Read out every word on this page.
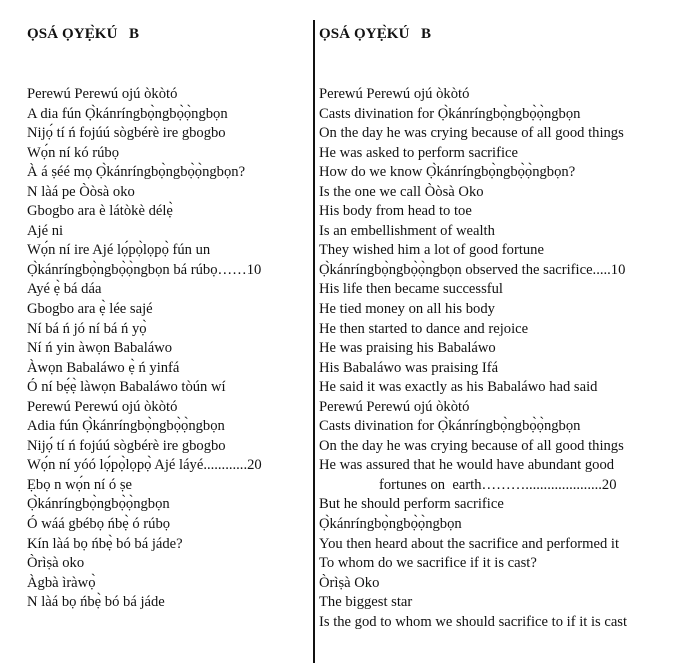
ỌSÁ ỌYẸ̀KÚ   B
Perewú Perewú ojú òkòtó
A dia fún Ọ̀kánríngbọ̀ngbọ̀ọ̀ngbọn
Nijọ́ tí ń fojúú sògbérè ire gbogbo
Wọ́n ní kó rúbọ
À á ṣéé mọ Ọ̀kánríngbọ̀ngbọ̀ọ̀ngbọn?
N làá pe Òòsà oko
Gbogbo ara è látòkè délẹ̀
Ajé ni
Wọ́n ní ire Ajé lọ́pọ̀lọpọ̀ fún un
Ọ̀kánríngbọ̀ngbọ̀ọ̀ngbọn bá rúbọ……10
Ayé ẹ̀ bá dáa
Gbogbo ara ẹ̀ lée sajé
Ní bá ń jó ní bá ń yọ̀
Ní ń yin àwọn Babaláwo
Àwọn Babaláwo ẹ̀ ń yinfá
Ó ní bẹ́ẹ̀ làwọn Babaláwo tòún wí
Perewú Perewú ojú òkòtó
Adia fún Ọ̀kánríngbọ̀ngbọ̀ọ̀ngbọn
Nijọ́ tí ń fojúú sògbérè ire gbogbo
Wọ́n ní yóó lọ́pọ̀lọpọ̀ Ajé láyé............20
Ẹbọ n wọ́n ní ó ṣe
Ọ̀kánríngbọ̀ngbọ̀ọ̀ngbọn
Ó wáá gbébọ ńbẹ̀ ó rúbọ
Kín làá bọ ńbẹ̀ bó bá jáde?
Òrìṣà oko
Àgbà ìràwọ̀
N làá bọ ńbẹ̀ bó bá jáde
ỌSÁ ỌYẸ̀KÚ   B
Perewú Perewú ojú òkòtó
Casts divination for Ọ̀kánríngbọ̀ngbọ̀ọ̀ngbọn
On the day he was crying because of all good things
He was asked to perform sacrifice
How do we know Ọ̀kánríngbọ̀ngbọ̀ọ̀ngbọn?
Is the one we call Òòsà Oko
His body from head to toe
Is an embellishment of wealth
They wished him a lot of good fortune
Ọ̀kánríngbọ̀ngbọ̀ọ̀ngbọn observed the sacrifice.....10
His life then became successful
He tied money on all his body
He then started to dance and rejoice
He was praising his Babaláwo
His Babaláwo was praising Ifá
He said it was exactly as his Babaláwo had said
Perewú Perewú ojú òkòtó
Casts divination for Ọ̀kánríngbọ̀ngbọ̀ọ̀ngbọn
On the day he was crying because of all good things
He was assured that he would have abundant good
fortunes on  earth……….....................20
But he should perform sacrifice
Ọ̀kánríngbọ̀ngbọ̀ọ̀ngbọn
You then heard about the sacrifice and performed it
To whom do we sacrifice if it is cast?
Òrìṣà Oko
The biggest star
Is the god to whom we should sacrifice to if it is cast
